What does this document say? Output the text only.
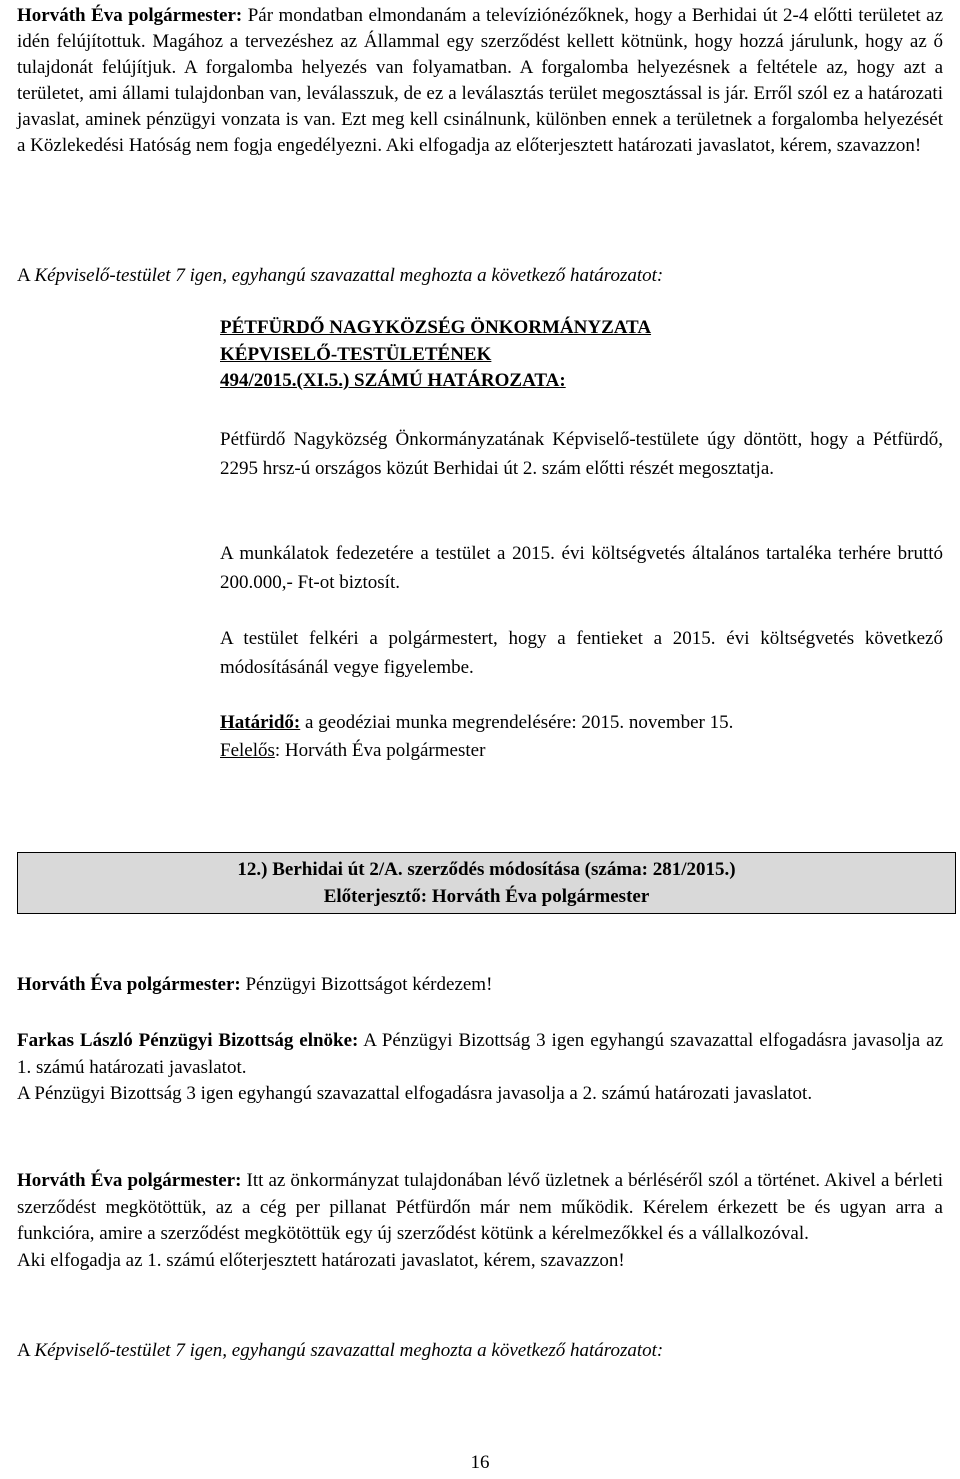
Horváth Éva polgármester: Pár mondatban elmondanám a televíziónézőknek, hogy a Berhidai út 2-4 előtti területet az idén felújítottuk. Magához a tervezéshez az Állammal egy szerződést kellett kötnünk, hogy hozzá járulunk, hogy az ő tulajdonát felújítjuk. A forgalomba helyezés van folyamatban. A forgalomba helyezésnek a feltétele az, hogy azt a területet, ami állami tulajdonban van, leválasszuk, de ez a leválasztás terület megosztással is jár. Erről szól ez a határozati javaslat, aminek pénzügyi vonzata is van. Ezt meg kell csinálnunk, különben ennek a területnek a forgalomba helyezését a Közlekedési Hatóság nem fogja engedélyezni. Aki elfogadja az előterjesztett határozati javaslatot, kérem, szavazzon!

A Képviselő-testület 7 igen, egyhangú szavazattal meghozta a következő határozatot:

PÉTFÜRDŐ NAGYKÖZSÉG ÖNKORMÁNYZATA
KÉPVISELŐ-TESTÜLETÉNEK
494/2015.(XI.5.) SZÁMÚ HATÁROZATA:

Pétfürdő Nagyközség Önkormányzatának Képviselő-testülete úgy döntött, hogy a Pétfürdő, 2295 hrsz-ú országos közút Berhidai út 2. szám előtti részét megosztatja.

A munkálatok fedezetére a testület a 2015. évi költségvetés általános tartaléka terhére bruttó 200.000,- Ft-ot biztosít.

A testület felkéri a polgármestert, hogy a fentieket a 2015. évi költségvetés következő módosításánál vegye figyelembe.

Határidő: a geodéziai munka megrendelésére: 2015. november 15.
Felelős: Horváth Éva polgármester

12.) Berhidai út 2/A. szerződés módosítása (száma: 281/2015.)
Előterjesztő: Horváth Éva polgármester

Horváth Éva polgármester: Pénzügyi Bizottságot kérdezem!

Farkas László Pénzügyi Bizottság elnöke: A Pénzügyi Bizottság 3 igen egyhangú szavazattal elfogadásra javasolja az 1. számú határozati javaslatot.
A Pénzügyi Bizottság 3 igen egyhangú szavazattal elfogadásra javasolja a 2. számú határozati javaslatot.

Horváth Éva polgármester: Itt az önkormányzat tulajdonában lévő üzletnek a bérléséről szól a történet. Akivel a bérleti szerződést megkötöttük, az a cég per pillanat Pétfürdőn már nem működik. Kérelem érkezett be és ugyan arra a funkcióra, amire a szerződést megkötöttük egy új szerződést kötünk a kérelmezőkkel és a vállalkozóval.
Aki elfogadja az 1. számú előterjesztett határozati javaslatot, kérem, szavazzon!

A Képviselő-testület 7 igen, egyhangú szavazattal meghozta a következő határozatot:

16
